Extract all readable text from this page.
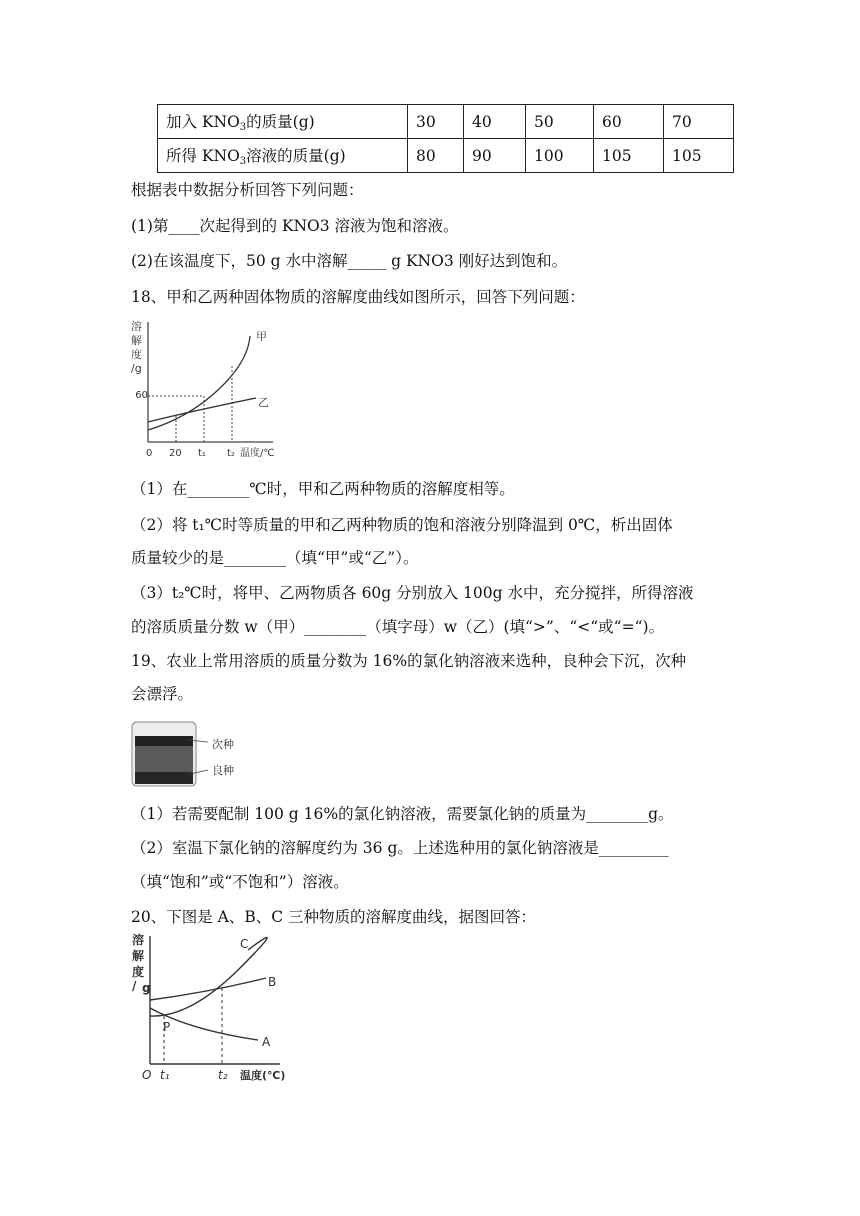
加入 $KNO_3$的质量(g)	30	40	50	60	70
所得 $KNO_3$溶液的质量(g)	80	90	100	105	105
根据表中数据分析回答下列问题：
(1)第____次起得到的 KNO3 溶液为饱和溶液。
(2)在该温度下，50 g 水中溶解_____ g KNO3 刚好达到饱和。
18、甲和乙两种固体物质的溶解度曲线如图所示，回答下列问题：
溶
解
度
/g
60
甲
乙
0 20 t₁ t₂ 温度/℃
（1）在________℃时，甲和乙两种物质的溶解度相等。
（2）将 t₁℃时等质量的甲和乙两种物质的饱和溶液分别降温到 0℃，析出固体
质量较少的是________（填“甲”或“乙”）。
（3）t₂℃时，将甲、乙两物质各 60g 分别放入 100g 水中，充分搅拌，所得溶液
的溶质质量分数 w（甲）________（填字母）w（乙）(填“>”、“<“或“=“)。
19、农业上常用溶质的质量分数为 16%的氯化钠溶液来选种，良种会下沉，次种
会漂浮。
次种
良种
（1）若需要配制 100 g 16%的氯化钠溶液，需要氯化钠的质量为________g。
（2）室温下氯化钠的溶解度约为 36 g。上述选种用的氯化钠溶液是_________
（填“饱和”或“不饱和”）溶液。
20、下图是 A、B、C 三种物质的溶解度曲线，据图回答：
溶
解
度
/ g
C
B
A
P
O t₁	t₂ 温度(℃)
